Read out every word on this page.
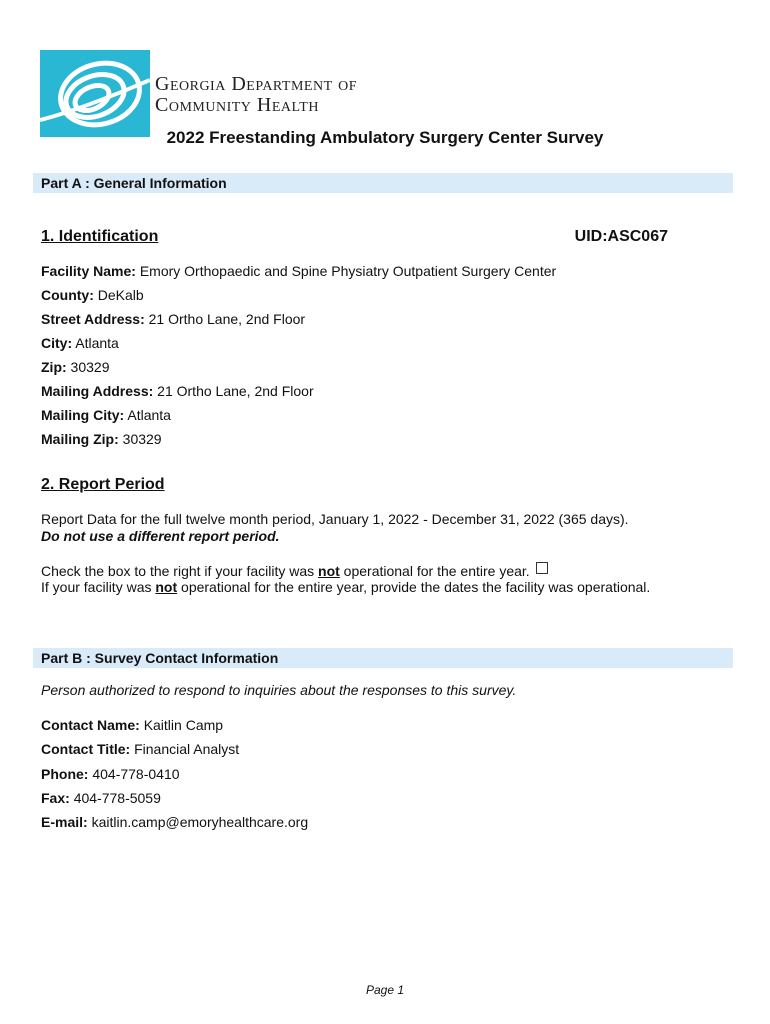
Georgia Department of
Community Health
2022 Freestanding Ambulatory Surgery Center Survey
Part A : General Information
1. Identification	UID:ASC067
Facility Name: Emory Orthopaedic and Spine Physiatry Outpatient Surgery Center
County: DeKalb
Street Address: 21 Ortho Lane, 2nd Floor
City: Atlanta
Zip: 30329
Mailing Address: 21 Ortho Lane, 2nd Floor
Mailing City: Atlanta
Mailing Zip: 30329
2. Report Period
Report Data for the full twelve month period, January 1, 2022 - December 31, 2022 (365 days).
Do not use a different report period.
Check the box to the right if your facility was not operational for the entire year.
If your facility was not operational for the entire year, provide the dates the facility was operational.
Part B : Survey Contact Information
Person authorized to respond to inquiries about the responses to this survey.
Contact Name: Kaitlin Camp
Contact Title: Financial Analyst
Phone: 404-778-0410
Fax: 404-778-5059
E-mail: kaitlin.camp@emoryhealthcare.org
Page 1
